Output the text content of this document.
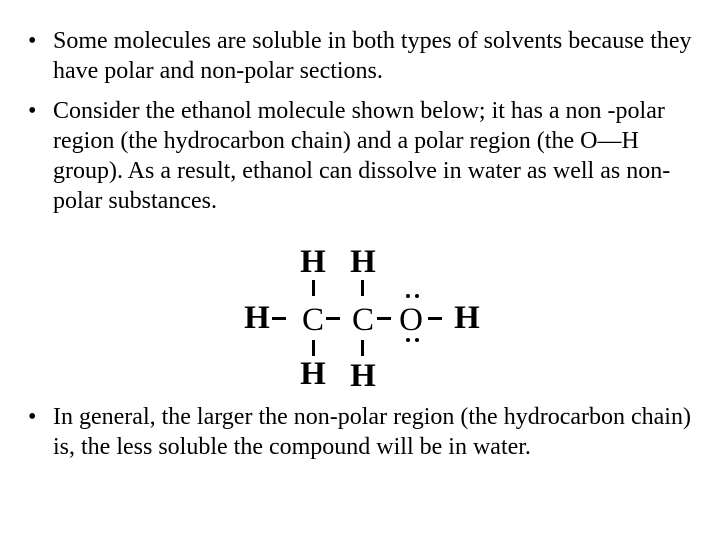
• Some molecules are soluble in both types of solvents because they have polar and non-polar sections.
• Consider the ethanol molecule shown below; it has a non -polar region (the hydrocarbon chain) and a polar region (the O—H group). As a result, ethanol can dissolve in water as well as non-polar substances.
H H
H C C O H
H H
• In general, the larger the non-polar region (the hydrocarbon chain) is, the less soluble the compound will be in water.
